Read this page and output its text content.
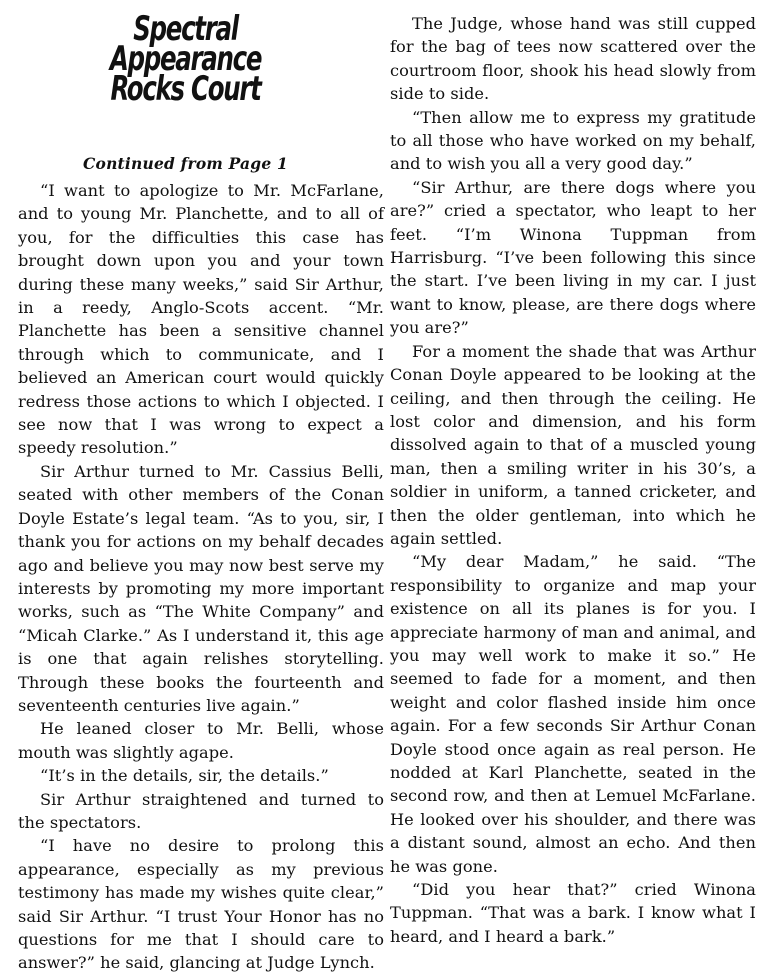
Spectral Appearance
Rocks Court
Continued from Page 1

“I want to apologize to Mr. McFarlane, and to young Mr. Planchette, and to all of you, for the difficulties this case has brought down upon you and your town during these many weeks,” said Sir Arthur, in a reedy, Anglo-Scots accent. “Mr. Planchette has been a sensitive channel through which to communicate, and I believed an American court would quickly redress those actions to which I objected. I see now that I was wrong to expect a speedy resolution.”

Sir Arthur turned to Mr. Cassius Belli, seated with other members of the Conan Doyle Estate’s legal team. “As to you, sir, I thank you for actions on my behalf decades ago and believe you may now best serve my interests by promoting my more important works, such as “The White Company” and “Micah Clarke.” As I understand it, this age is one that again relishes storytelling. Through these books the fourteenth and seventeenth centuries live again.”

He leaned closer to Mr. Belli, whose mouth was slightly agape.

“It’s in the details, sir, the details.”

Sir Arthur straightened and turned to the spectators.

“I have no desire to prolong this appearance, especially as my previous testimony has made my wishes quite clear,” said Sir Arthur. “I trust Your Honor has no questions for me that I should care to answer?” he said, glancing at Judge Lynch.

The Judge, whose hand was still cupped for the bag of tees now scattered over the courtroom floor, shook his head slowly from side to side.

“Then allow me to express my gratitude to all those who have worked on my behalf, and to wish you all a very good day.”

“Sir Arthur, are there dogs where you are?” cried a spectator, who leapt to her feet. “I’m Winona Tuppman from Harrisburg. “I’ve been following this since the start. I’ve been living in my car. I just want to know, please, are there dogs where you are?”

For a moment the shade that was Arthur Conan Doyle appeared to be looking at the ceiling, and then through the ceiling. He lost color and dimension, and his form dissolved again to that of a muscled young man, then a smiling writer in his 30’s, a soldier in uniform, a tanned cricketer, and then the older gentleman, into which he again settled.

“My dear Madam,” he said. “The responsibility to organize and map your existence on all its planes is for you. I appreciate harmony of man and animal, and you may well work to make it so.” He seemed to fade for a moment, and then weight and color flashed inside him once again. For a few seconds Sir Arthur Conan Doyle stood once again as real person. He nodded at Karl Planchette, seated in the second row, and then at Lemuel McFarlane. He looked over his shoulder, and there was a distant sound, almost an echo. And then he was gone.

“Did you hear that?” cried Winona Tuppman. “That was a bark. I know what I heard, and I heard a bark.”
